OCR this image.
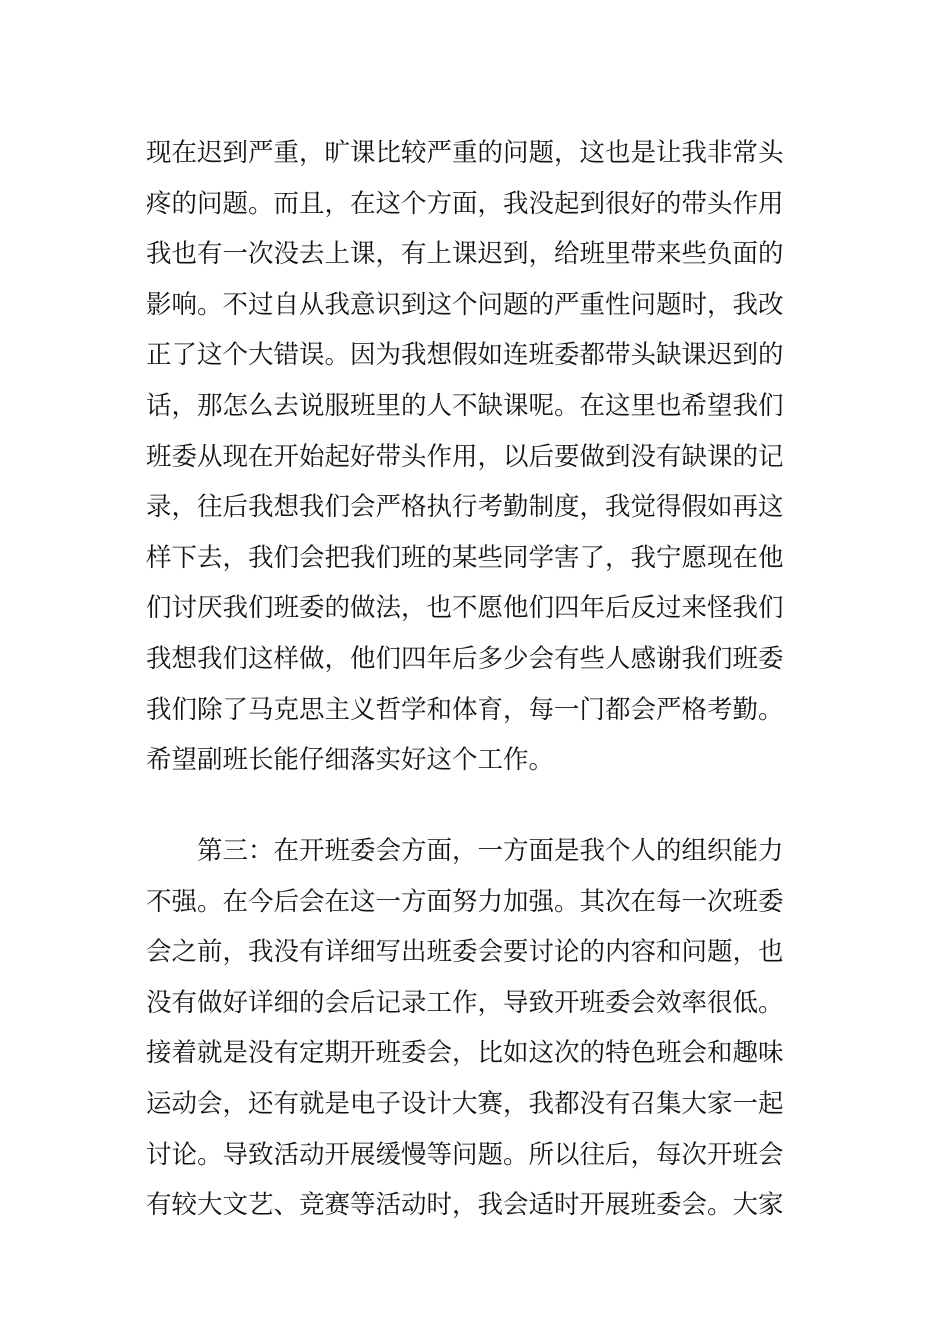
现在迟到严重，旷课比较严重的问题，这也是让我非常头
疼的问题。而且，在这个方面，我没起到很好的带头作用
我也有一次没去上课，有上课迟到，给班里带来些负面的
影响。不过自从我意识到这个问题的严重性问题时，我改
正了这个大错误。因为我想假如连班委都带头缺课迟到的
话，那怎么去说服班里的人不缺课呢。在这里也希望我们
班委从现在开始起好带头作用，以后要做到没有缺课的记
录，往后我想我们会严格执行考勤制度，我觉得假如再这
样下去，我们会把我们班的某些同学害了，我宁愿现在他
们讨厌我们班委的做法，也不愿他们四年后反过来怪我们
我想我们这样做，他们四年后多少会有些人感谢我们班委
我们除了马克思主义哲学和体育，每一门都会严格考勤。
希望副班长能仔细落实好这个工作。
　　第三：在开班委会方面，一方面是我个人的组织能力
不强。在今后会在这一方面努力加强。其次在每一次班委
会之前，我没有详细写出班委会要讨论的内容和问题，也
没有做好详细的会后记录工作，导致开班委会效率很低。
接着就是没有定期开班委会，比如这次的特色班会和趣味
运动会，还有就是电子设计大赛，我都没有召集大家一起
讨论。导致活动开展缓慢等问题。所以往后，每次开班会
有较大文艺、竞赛等活动时，我会适时开展班委会。大家
